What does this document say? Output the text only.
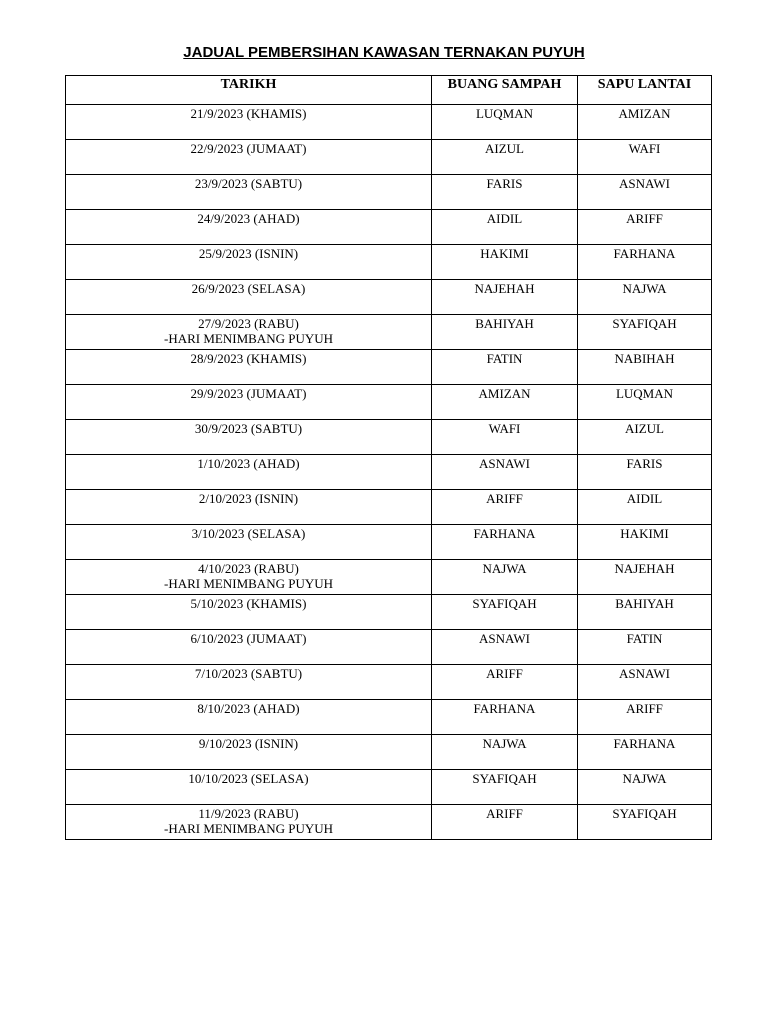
JADUAL PEMBERSIHAN KAWASAN TERNAKAN PUYUH
TARIKH	BUANG SAMPAH	SAPU LANTAI

21/9/2023 (KHAMIS)	LUQMAN	AMIZAN

22/9/2023 (JUMAAT)	AIZUL	WAFI

23/9/2023 (SABTU)	FARIS	ASNAWI

24/9/2023 (AHAD)	AIDIL	ARIFF

25/9/2023 (ISNIN)	HAKIMI	FARHANA

26/9/2023 (SELASA)	NAJEHAH	NAJWA

27/9/2023 (RABU)
-HARI MENIMBANG PUYUH	BAHIYAH	SYAFIQAH

28/9/2023 (KHAMIS)	FATIN	NABIHAH

29/9/2023 (JUMAAT)	AMIZAN	LUQMAN

30/9/2023 (SABTU)	WAFI	AIZUL

1/10/2023 (AHAD)	ASNAWI	FARIS

2/10/2023 (ISNIN)	ARIFF	AIDIL

3/10/2023 (SELASA)	FARHANA	HAKIMI

4/10/2023 (RABU)
-HARI MENIMBANG PUYUH	NAJWA	NAJEHAH

5/10/2023 (KHAMIS)	SYAFIQAH	BAHIYAH

6/10/2023 (JUMAAT)	ASNAWI	FATIN

7/10/2023 (SABTU)	ARIFF	ASNAWI

8/10/2023 (AHAD)	FARHANA	ARIFF

9/10/2023 (ISNIN)	NAJWA	FARHANA

10/10/2023 (SELASA)	SYAFIQAH	NAJWA

11/9/2023 (RABU)
-HARI MENIMBANG PUYUH	ARIFF	SYAFIQAH
